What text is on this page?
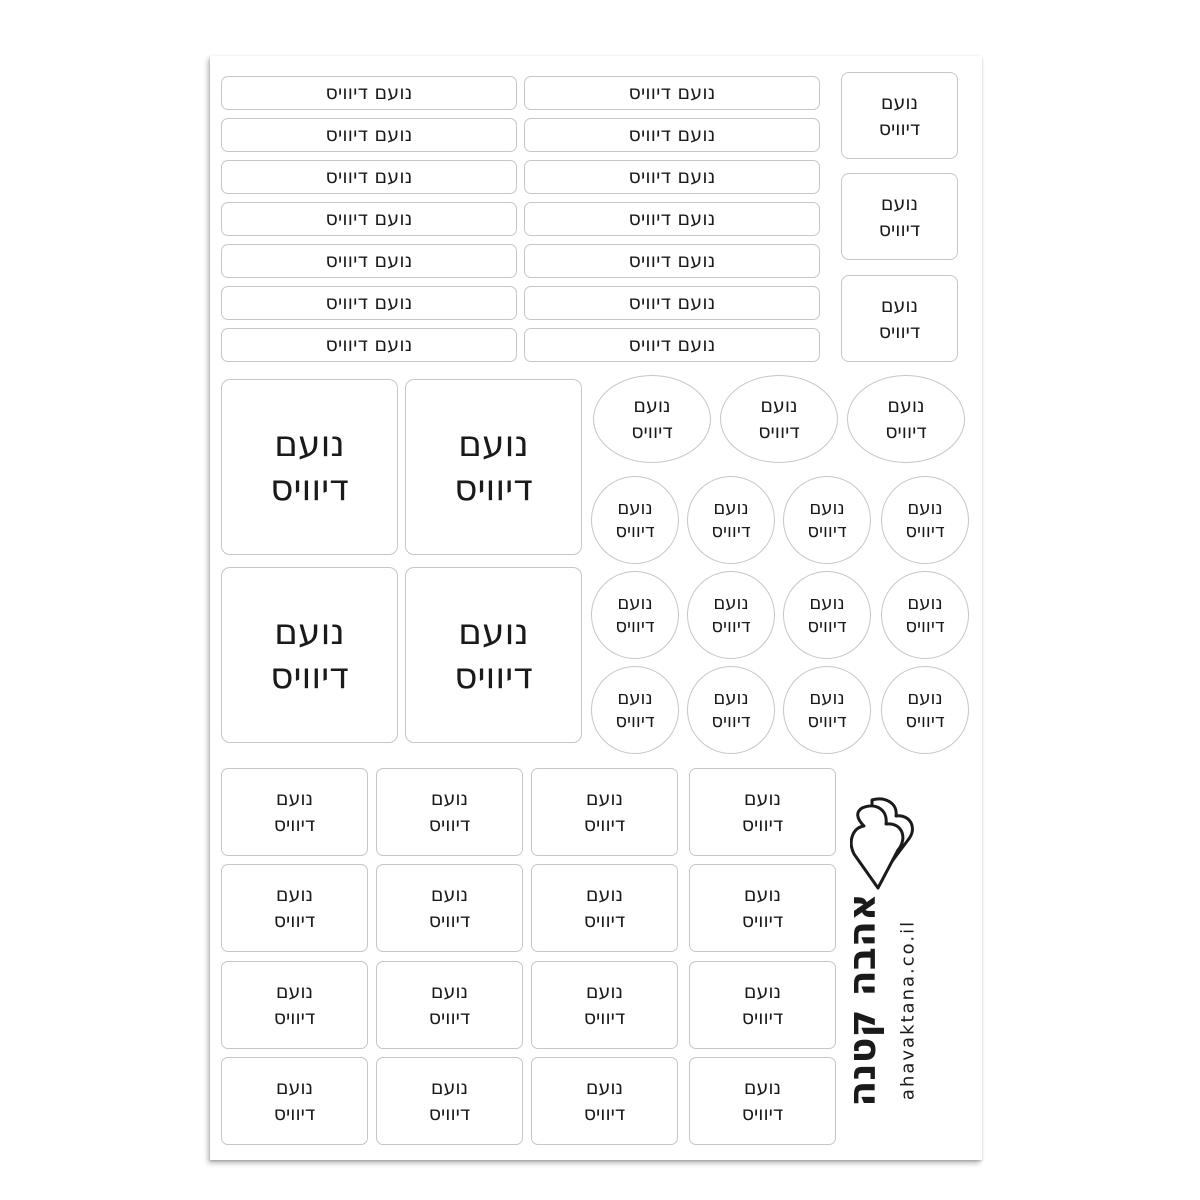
נועם דיוויס	נועם דיוויס
נועם דיוויס	נועם דיוויס
נועם דיוויס	נועם דיוויס
נועם דיוויס	נועם דיוויס
נועם דיוויס	נועם דיוויס
נועם דיוויס	נועם דיוויס
נועם דיוויס	נועם דיוויס
נועם
דיוויס
נועם
דיוויס
נועם
דיוויס
נועם
דיוויס
נועם
דיוויס
נועם
דיוויס
נועם
דיוויס
נועם
דיוויס
נועם
דיוויס
נועם
דיוויס
נועם
דיוויס
נועם
דיוויס
נועם
דיוויס
נועם
דיוויס
נועם
דיוויס
נועם
דיוויס
נועם
דיוויס
נועם
דיוויס
נועם
דיוויס
נועם
דיוויס
נועם
דיוויס
נועם
דיוויס
נועם
דיוויס
נועם
דיוויס
נועם
דיוויס
נועם
דיוויס
נועם
דיוויס
נועם
דיוויס
נועם
דיוויס
נועם
דיוויס
נועם
דיוויס
נועם
דיוויס
נועם
דיוויס
נועם
דיוויס
נועם
דיוויס
נועם
דיוויס
נועם
דיוויס
נועם
דיוויס
אהבה קטנה ahavaktana.co.il
